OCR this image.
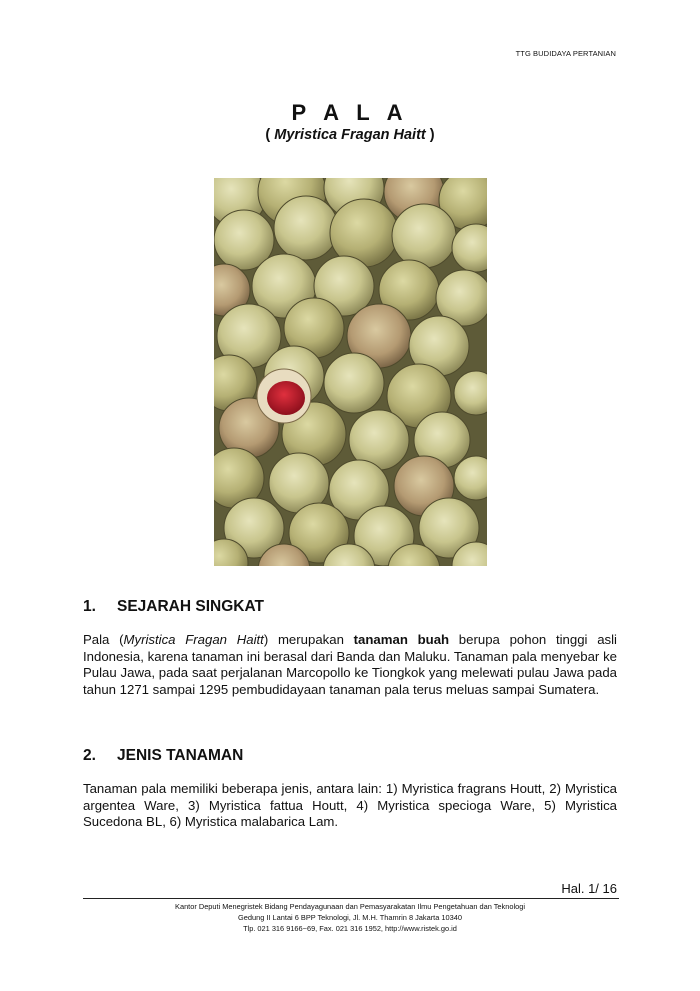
TTG BUDIDAYA PERTANIAN
P A L A
( Myristica Fragan Haitt )
1. SEJARAH SINGKAT

Pala (Myristica Fragan Haitt) merupakan tanaman buah berupa pohon tinggi asli Indonesia, karena tanaman ini berasal dari Banda dan Maluku. Tanaman pala menyebar ke Pulau Jawa, pada saat perjalanan Marcopollo ke Tiongkok yang melewati pulau Jawa pada tahun 1271 sampai 1295 pembudidayaan tanaman pala terus meluas sampai Sumatera.

2. JENIS TANAMAN

Tanaman pala memiliki beberapa jenis, antara lain: 1) Myristica fragrans Houtt, 2) Myristica argentea Ware, 3) Myristica fattua Houtt, 4) Myristica specioga Ware, 5) Myristica Sucedona BL, 6) Myristica malabarica Lam.

Hal. 1/ 16
Kantor Deputi Menegristek Bidang Pendayagunaan dan Pemasyarakatan Ilmu Pengetahuan dan Teknologi
Gedung II Lantai 6 BPP Teknologi, Jl. M.H. Thamrin 8 Jakarta 10340
Tlp. 021 316 9166~69, Fax. 021 316 1952, http://www.ristek.go.id
